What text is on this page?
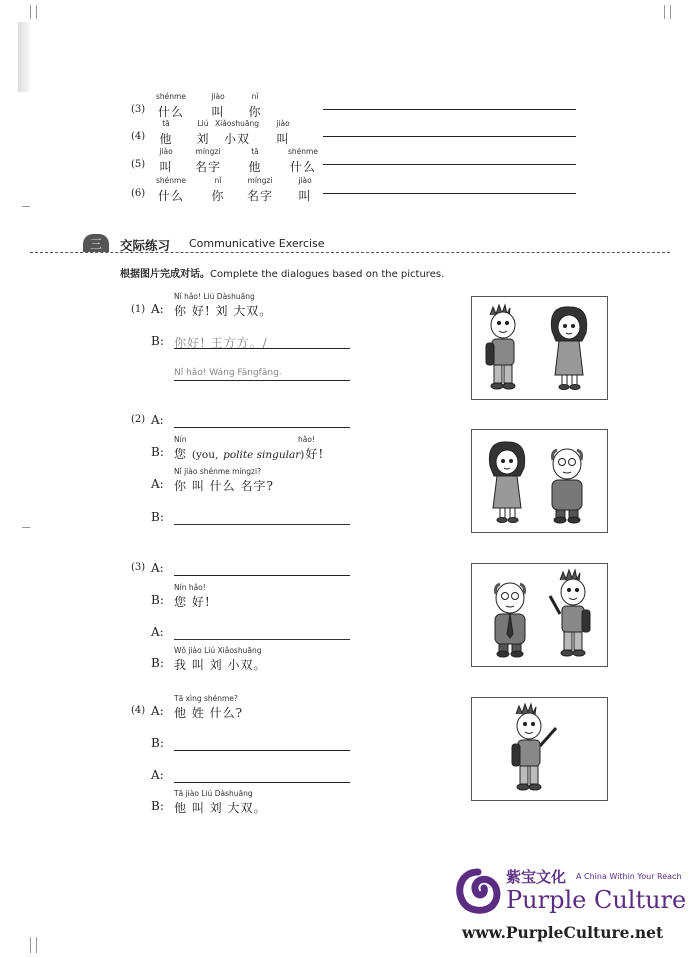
(3)
shénme
什么
jiào
叫
nǐ
你
(4)
tā
他
Liú
刘
Xiǎoshuāng
小双
jiào
叫
(5)
jiào
叫
míngzi
名字
tā
他
shénme
什么
(6)
shénme
什么
nǐ
你
míngzi
名字
jiào
叫
三	交际练习 Communicative Exercise
根据图片完成对话。Complete the dialogues based on the pictures.
(1) A:
Nǐ hǎo! Liú Dàshuāng
你 好! 刘 大双。
B: 你好! 王方方。/
Nǐ hǎo! Wáng Fāngfāng.
(2) A:
B:
Nín	hǎo!
您 (you, polite singular)好!
Nǐ jiào shénme míngzi?
A: 你 叫 什么 名字?
B:
(3) A:
Nín hǎo!
B: 您 好!
A:
Wǒ jiào Liú Xiǎoshuāng
B: 我 叫 刘 小双。
Tā xìng shénme?
(4) A: 他 姓 什么?
B:
A:
Tā jiào Liú Dàshuāng
B: 他 叫 刘 大双。
紫宝文化 A China Within Your Reach
Purple Culture
www.PurpleCulture.net
